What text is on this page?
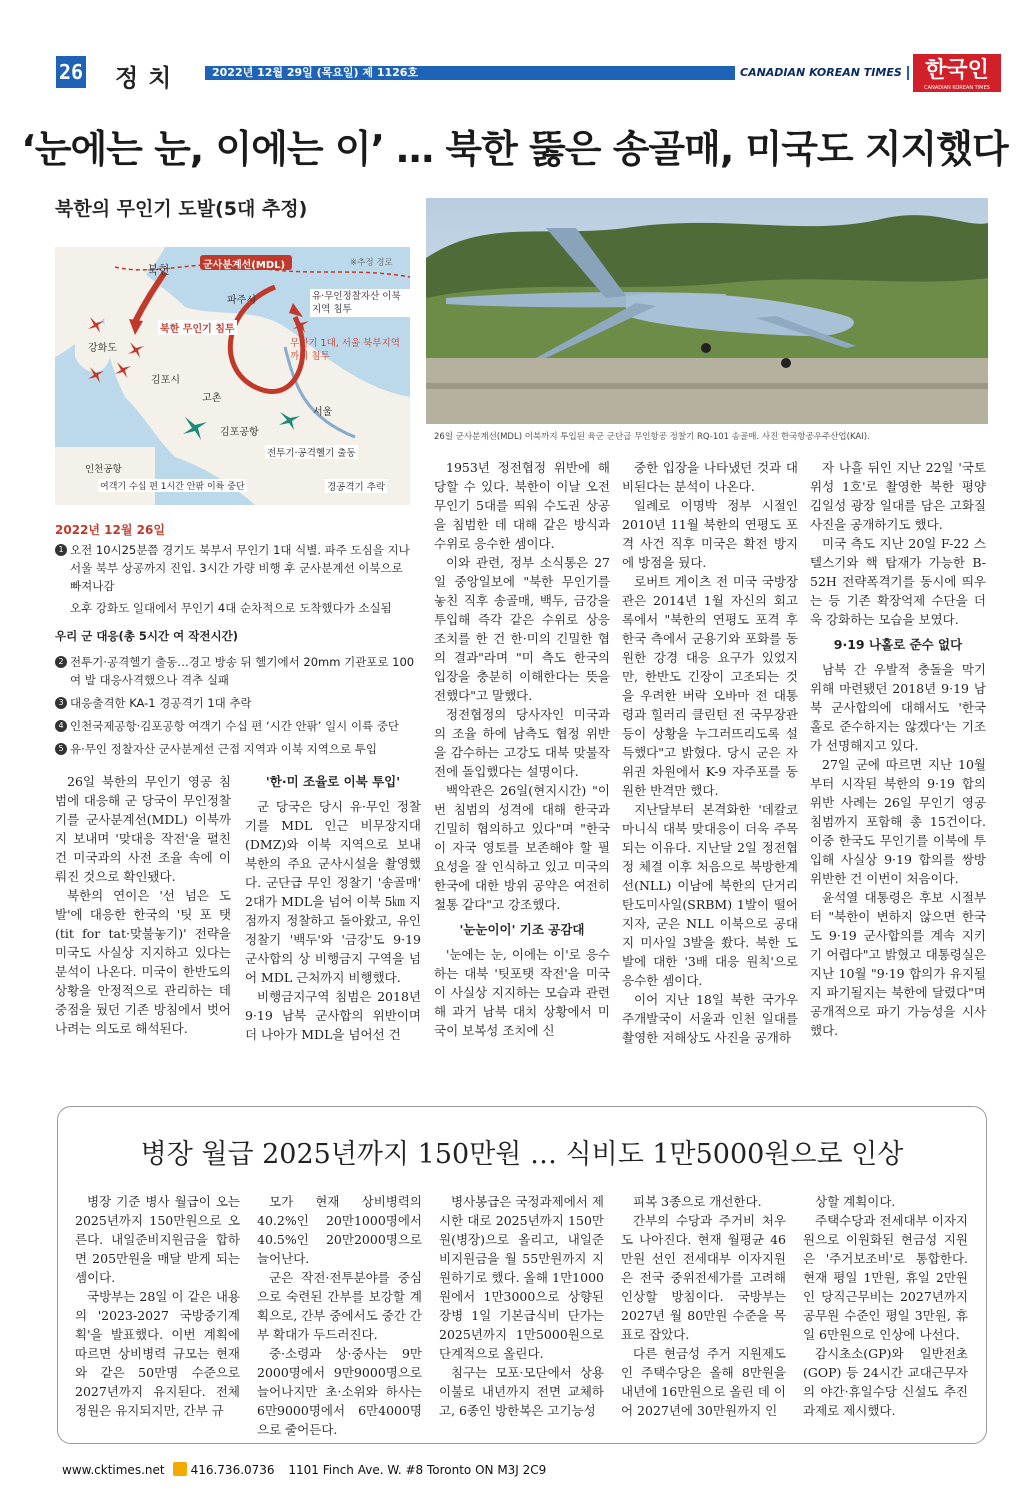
26 정치	2022년 12월 29일 (목요일) 제 1126호	CANADIAN KOREAN TIMES	한국인
CANADIAN KOREAN TIMES
‘눈에는 눈, 이에는 이’ … 북한 뚫은 송골매, 미국도 지지했다
북한의 무인기 도발(5대 추정)
북한	군사분계선(MDL)	※추정 경로
파주시
강화도
김포시
고촌
김포공항
서울
인천공항
북한 무인기 침투
유·무인정찰자산 이북지역 침투
무인기 1대, 서울 북부지역까지 침투
전투기·공격헬기 출동
여객기 수십 편 1시간 안팎 이륙 중단	경공격기 추락
26일 군사분계선(MDL) 이북까지 투입된 육군 군단급 무인항공 정찰기 RQ-101 송골매. 사진 한국항공우주산업(KAI).
2022년 12월 26일
1 오전 10시25분쯤 경기도 북부서 무인기 1대 식별. 파주 도심을 지나 서울 북부 상공까지 진입. 3시간 가량 비행 후 군사분계선 이북으로 빠져나감
오후 강화도 일대에서 무인기 4대 순차적으로 도착했다가 소실됨
우리 군 대응(총 5시간 여 작전시간)
2 전투기·공격헬기 출동…경고 방송 뒤 헬기에서 20mm 기관포로 100여 발 대응사격했으나 격추 실패
3 대응출격한 KA-1 경공격기 1대 추락
4 인천국제공항·김포공항 여객기 수십 편 ‘시간 안팎’ 일시 이륙 중단
5 유·무인 정찰자산 군사분계선 근접 지역과 이북 지역으로 투입

26일 북한의 무인기 영공 침범에 대응해 군 당국이 무인정찰기를 군사분계선(MDL) 이북까지 보내며 '맞대응 작전'을 펼친 건 미국과의 사전 조율 속에 이뤄진 것으로 확인됐다.

북한의 연이은 '선 넘은 도발'에 대응한 한국의 '팃 포 탯(tit for tat·맞불놓기)' 전략을 미국도 사실상 지지하고 있다는 분석이 나온다. 미국이 한반도의 상황을 안정적으로 관리하는 데 중점을 뒀던 기존 방침에서 벗어나려는 의도로 해석된다.

'한·미 조율로 이북 투입'

군 당국은 당시 유·무인 정찰기를 MDL 인근 비무장지대(DMZ)와 이북 지역으로 보내 북한의 주요 군사시설을 촬영했다. 군단급 무인 정찰기 '송골매' 2대가 MDL을 넘어 이북 5㎞ 지점까지 정찰하고 돌아왔고, 유인정찰기 '백두'와 '금강'도 9·19 군사합의 상 비행금지 구역을 넘어 MDL 근처까지 비행했다.

비행금지구역 침범은 2018년 9·19 남북 군사합의 위반이며 더 나아가 MDL을 넘어선 건

1953년 정전협정 위반에 해당할 수 있다. 북한이 이날 오전 무인기 5대를 띄워 수도권 상공을 침범한 데 대해 같은 방식과 수위로 응수한 셈이다.

이와 관련, 정부 소식통은 27일 중앙일보에 "북한 무인기를 놓친 직후 송골매, 백두, 금강을 투입해 즉각 같은 수위로 상응 조치를 한 건 한·미의 긴밀한 협의 결과"라며 "미 측도 한국의 입장을 충분히 이해한다는 뜻을 전했다"고 말했다.

정전협정의 당사자인 미국과의 조율 하에 남측도 협정 위반을 감수하는 고강도 대북 맞불작전에 돌입했다는 설명이다.

백악관은 26일(현지시간) "이번 침범의 성격에 대해 한국과 긴밀히 협의하고 있다"며 "한국이 자국 영토를 보존해야 할 필요성을 잘 인식하고 있고 미국의 한국에 대한 방위 공약은 여전히 철통 같다"고 강조했다.

'눈눈이이' 기조 공감대

'눈에는 눈, 이에는 이'로 응수하는 대북 '팃포탯 작전'을 미국이 사실상 지지하는 모습과 관련해 과거 남북 대치 상황에서 미국이 보복성 조치에 신

중한 입장을 나타냈던 것과 대비된다는 분석이 나온다.

일례로 이명박 정부 시절인 2010년 11월 북한의 연평도 포격 사건 직후 미국은 확전 방지에 방점을 뒀다.

로버트 게이츠 전 미국 국방장관은 2014년 1월 자신의 회고록에서 "북한의 연평도 포격 후 한국 측에서 군용기와 포화를 동원한 강경 대응 요구가 있었지만, 한반도 긴장이 고조되는 것을 우려한 버락 오바마 전 대통령과 힐러리 클린턴 전 국무장관 등이 상황을 누그러뜨리도록 설득했다"고 밝혔다. 당시 군은 자위권 차원에서 K-9 자주포를 동원한 반격만 했다.

지난달부터 본격화한 '데칼코마니식 대북 맞대응이 더욱 주목되는 이유다. 지난달 2일 정전협정 체결 이후 처음으로 북방한계선(NLL) 이남에 북한의 단거리탄도미사일(SRBM) 1발이 떨어지자, 군은 NLL 이북으로 공대지 미사일 3발을 쐈다. 북한 도발에 대한 '3배 대응 원칙'으로 응수한 셈이다.

이어 지난 18일 북한 국가우주개발국이 서울과 인천 일대를 촬영한 저해상도 사진을 공개하

자 나흘 뒤인 지난 22일 '국토위성 1호'로 촬영한 북한 평양 김일성 광장 일대를 담은 고화질 사진을 공개하기도 했다.

미국 측도 지난 20일 F-22 스텔스기와 핵 탑재가 가능한 B-52H 전략폭격기를 동시에 띄우는 등 기존 확장억제 수단을 더욱 강화하는 모습을 보였다.

9·19 나홀로 준수 없다

남북 간 우발적 충돌을 막기 위해 마련됐던 2018년 9·19 남북 군사합의에 대해서도 '한국 홀로 준수하지는 않겠다'는 기조가 선명해지고 있다.

27일 군에 따르면 지난 10월부터 시작된 북한의 9·19 합의 위반 사례는 26일 무인기 영공 침범까지 포함해 총 15건이다. 이중 한국도 무인기를 이북에 투입해 사실상 9·19 합의를 쌍방 위반한 건 이번이 처음이다.

윤석열 대통령은 후보 시절부터 "북한이 변하지 않으면 한국도 9·19 군사합의를 계속 지키기 어렵다"고 밝혔고 대통령실은 지난 10월 "9·19 합의가 유지될지 파기될지는 북한에 달렸다"며 공개적으로 파기 가능성을 시사했다.

병장 월급 2025년까지 150만원 … 식비도 1만5000원으로 인상

병장 기준 병사 월급이 오는 2025년까지 150만원으로 오른다. 내일준비지원금을 합하면 205만원을 매달 받게 되는 셈이다.

국방부는 28일 이 같은 내용의 '2023-2027 국방중기계획'을 발표했다. 이번 계획에 따르면 상비병력 규모는 현재와 같은 50만명 수준으로 2027년까지 유지된다. 전체 정원은 유지되지만, 간부 규

모가 현재 상비병력의 40.2%인 20만1000명에서 40.5%인 20만2000명으로 늘어난다.

군은 작전·전투분야를 중심으로 숙련된 간부를 보강할 계획으로, 간부 중에서도 중간 간부 확대가 두드러진다.

중·소령과 상·중사는 9만 2000명에서 9만9000명으로 늘어나지만 초·소위와 하사는 6만9000명에서 6만4000명으로 줄어든다.

병사봉급은 국정과제에서 제시한 대로 2025년까지 150만원(병장)으로 올리고, 내일준비지원금을 월 55만원까지 지원하기로 했다. 올해 1만1000원에서 1만3000으로 상향된 장병 1일 기본급식비 단가는 2025년까지 1만5000원으로 단계적으로 올린다.

침구는 모포·모단에서 상용이불로 내년까지 전면 교체하고, 6종인 방한복은 고기능성

피복 3종으로 개선한다.

간부의 수당과 주거비 처우도 나아진다. 현재 월평균 46만원 선인 전세대부 이자지원은 전국 중위전세가를 고려해 인상할 방침이다. 국방부는 2027년 월 80만원 수준을 목표로 잡았다.

다른 현금성 주거 지원제도인 주택수당은 올해 8만원을 내년에 16만원으로 올린 데 이어 2027년에 30만원까지 인

상할 계획이다.

주택수당과 전세대부 이자지원으로 이원화된 현금성 지원은 '주거보조비'로 통합한다. 현재 평일 1만원, 휴일 2만원인 당직근무비는 2027년까지 공무원 수준인 평일 3만원, 휴일 6만원으로 인상에 나선다.

감시초소(GP)와 일반전초(GOP) 등 24시간 교대근무자의 야간·휴일수당 신설도 추진과제로 제시했다.

www.cktimes.net 416.736.0736 1101 Finch Ave. W. #8 Toronto ON M3J 2C9
